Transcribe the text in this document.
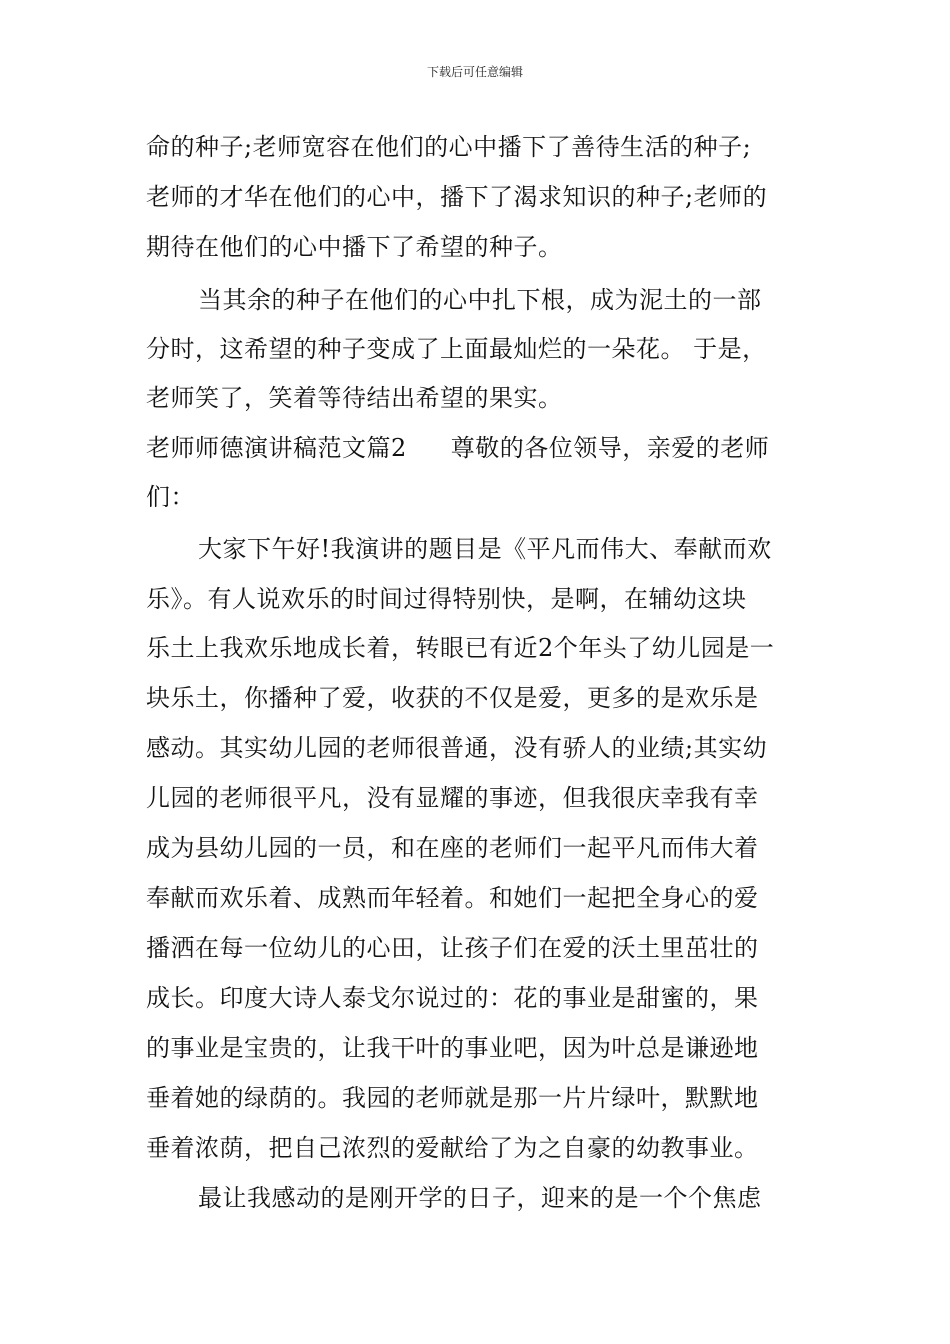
下载后可任意编辑
命的种子;老师宽容在他们的心中播下了善待生活的种子;
老师的才华在他们的心中，播下了渴求知识的种子;老师的
期待在他们的心中播下了希望的种子。
当其余的种子在他们的心中扎下根，成为泥土的一部
分时，这希望的种子变成了上面最灿烂的一朵花。 于是，
老师笑了，笑着等待结出希望的果实。
老师师德演讲稿范文篇2 尊敬的各位领导，亲爱的老师
们：
大家下午好!我演讲的题目是《平凡而伟大、奉献而欢
乐》。有人说欢乐的时间过得特别快，是啊，在辅幼这块
乐土上我欢乐地成长着，转眼已有近2个年头了幼儿园是一
块乐土，你播种了爱，收获的不仅是爱，更多的是欢乐是
感动。其实幼儿园的老师很普通，没有骄人的业绩;其实幼
儿园的老师很平凡，没有显耀的事迹，但我很庆幸我有幸
成为县幼儿园的一员，和在座的老师们一起平凡而伟大着
奉献而欢乐着、成熟而年轻着。和她们一起把全身心的爱
播洒在每一位幼儿的心田，让孩子们在爱的沃土里茁壮的
成长。印度大诗人泰戈尔说过的：花的事业是甜蜜的，果
的事业是宝贵的，让我干叶的事业吧，因为叶总是谦逊地
垂着她的绿荫的。我园的老师就是那一片片绿叶，默默地
垂着浓荫，把自己浓烈的爱献给了为之自豪的幼教事业。
最让我感动的是刚开学的日子，迎来的是一个个焦虑
